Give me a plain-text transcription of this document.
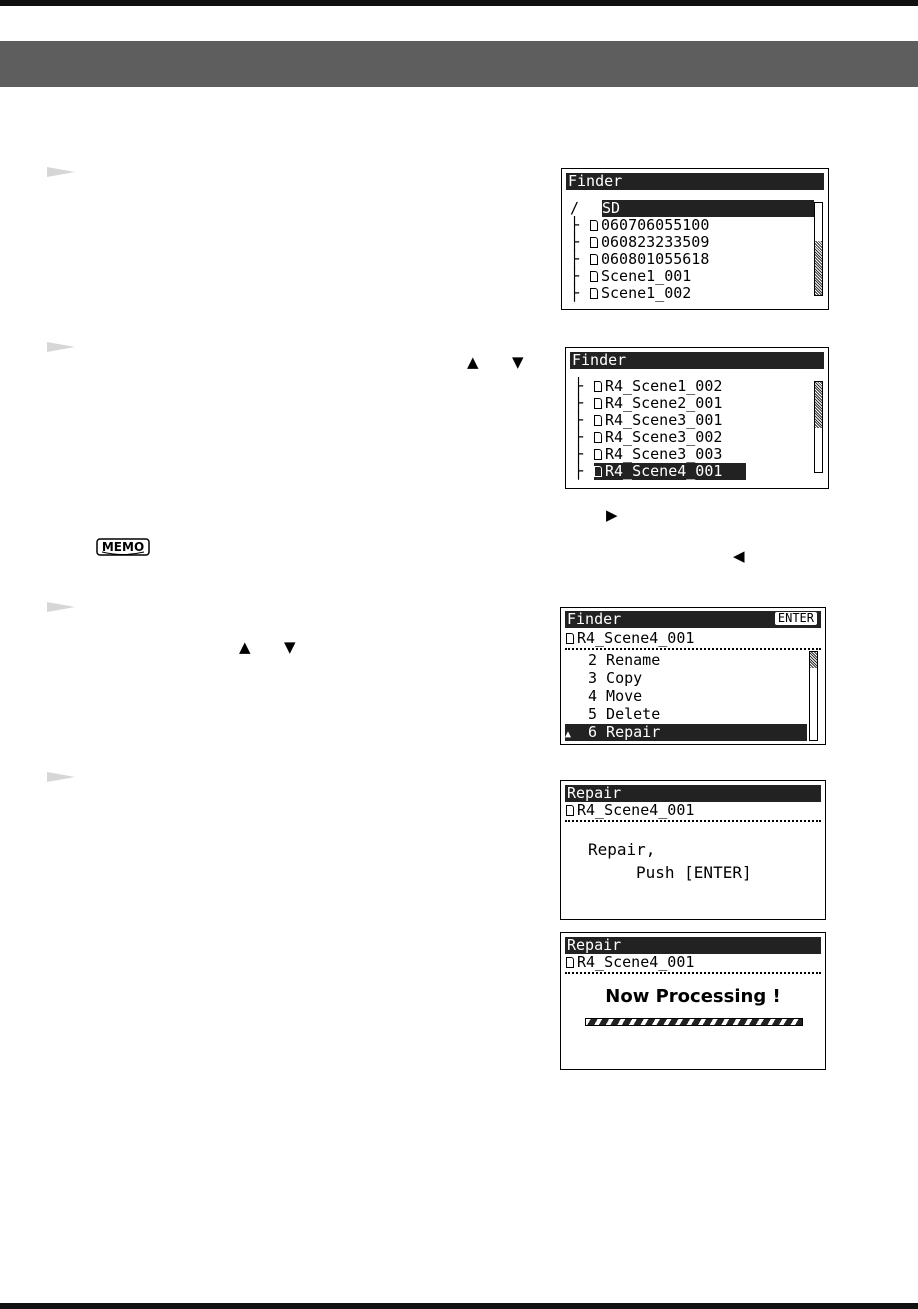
▲ ▼
▶
◀
▲ ▼
MEMO
Finder
/ SD
├ 060706055100
├ 060823233509
├ 060801055618
├ Scene1_001
├ Scene1_002
Finder
├ R4_Scene1_002
├ R4_Scene2_001
├ R4_Scene3_001
├ R4_Scene3_002
├ R4_Scene3_003
├ R4_Scene4_001
Finder	ENTER
R4_Scene4_001
2 Rename
3 Copy
4 Move
5 Delete
▲ 6 Repair
Repair
R4_Scene4_001
Repair,
Push [ENTER]
Repair
R4_Scene4_001
Now Processing !
